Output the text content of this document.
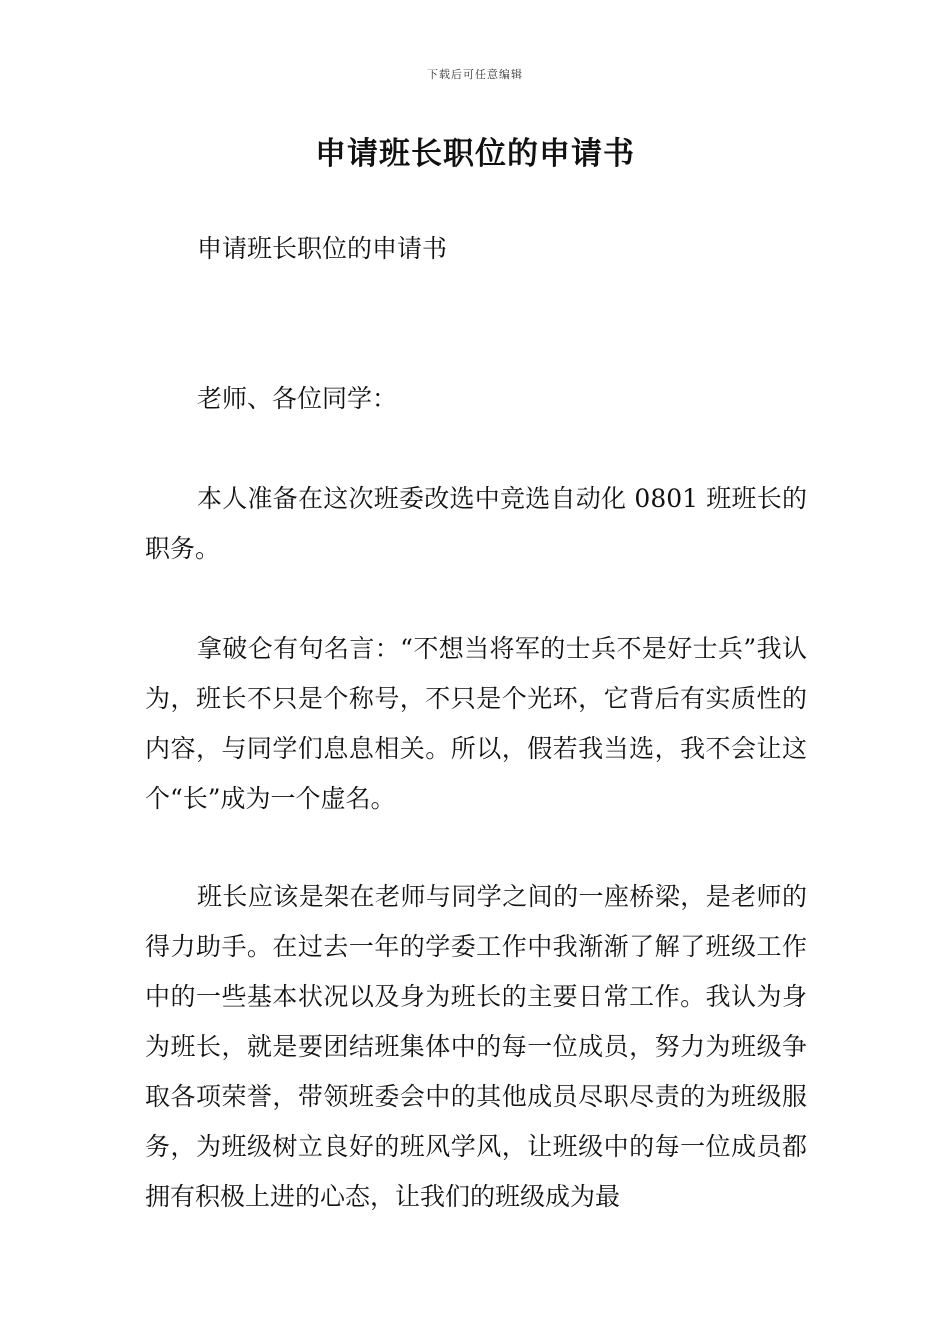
下载后可任意编辑
申请班长职位的申请书

申请班长职位的申请书

老师、各位同学：

本人准备在这次班委改选中竞选自动化 0801 班班长的职务。

拿破仑有句名言：“不想当将军的士兵不是好士兵”我认为，班长不只是个称号，不只是个光环，它背后有实质性的内容，与同学们息息相关。所以，假若我当选，我不会让这个“长”成为一个虚名。

班长应该是架在老师与同学之间的一座桥梁，是老师的得力助手。在过去一年的学委工作中我渐渐了解了班级工作中的一些基本状况以及身为班长的主要日常工作。我认为身为班长，就是要团结班集体中的每一位成员，努力为班级争取各项荣誉，带领班委会中的其他成员尽职尽责的为班级服务，为班级树立良好的班风学风，让班级中的每一位成员都拥有积极上进的心态，让我们的班级成为最
